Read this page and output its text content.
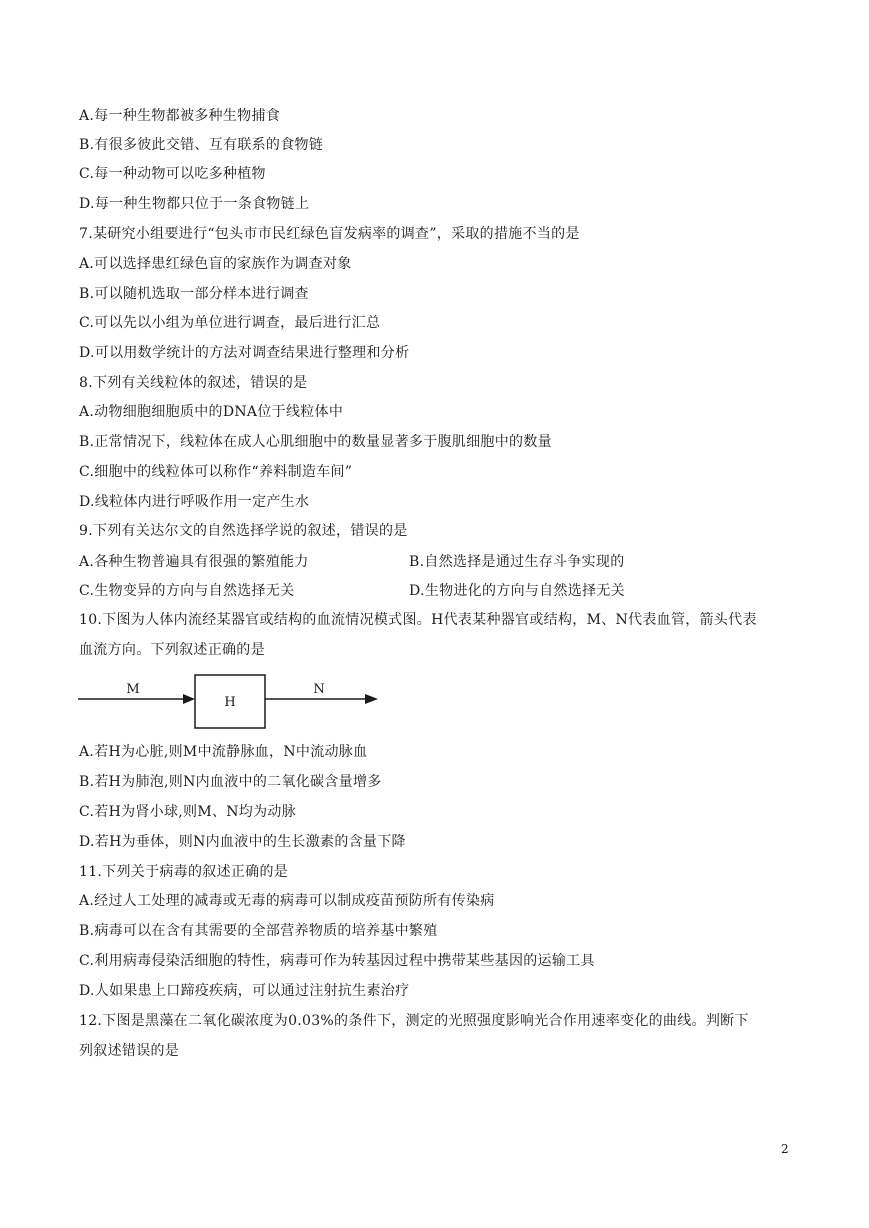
A.每一种生物都被多种生物捕食
B.有很多彼此交错、互有联系的食物链
C.每一种动物可以吃多种植物
D.每一种生物都只位于一条食物链上
7.某研究小组要进行“包头市市民红绿色盲发病率的调查”，采取的措施不当的是
A.可以选择患红绿色盲的家族作为调查对象
B.可以随机选取一部分样本进行调查
C.可以先以小组为单位进行调查，最后进行汇总
D.可以用数学统计的方法对调查结果进行整理和分析
8.下列有关线粒体的叙述，错误的是
A.动物细胞细胞质中的DNA位于线粒体中
B.正常情况下，线粒体在成人心肌细胞中的数量显著多于腹肌细胞中的数量
C.细胞中的线粒体可以称作“养料制造车间”
D.线粒体内进行呼吸作用一定产生水
9.下列有关达尔文的自然选择学说的叙述，错误的是
A.各种生物普遍具有很强的繁殖能力	B.自然选择是通过生存斗争实现的
C.生物变异的方向与自然选择无关	D.生物进化的方向与自然选择无关
10.下图为人体内流经某器官或结构的血流情况模式图。H代表某种器官或结构，M、N代表血管，箭头代表
血流方向。下列叙述正确的是
M
H
N
A.若H为心脏,则M中流静脉血，N中流动脉血
B.若H为肺泡,则N内血液中的二氧化碳含量增多
C.若H为肾小球,则M、N均为动脉
D.若H为垂体，则N内血液中的生长激素的含量下降
11.下列关于病毒的叙述正确的是
A.经过人工处理的减毒或无毒的病毒可以制成疫苗预防所有传染病
B.病毒可以在含有其需要的全部营养物质的培养基中繁殖
C.利用病毒侵染活细胞的特性，病毒可作为转基因过程中携带某些基因的运输工具
D.人如果患上口蹄疫疾病，可以通过注射抗生素治疗
12.下图是黑藻在二氧化碳浓度为0.03%的条件下，测定的光照强度影响光合作用速率变化的曲线。判断下
列叙述错误的是
2
